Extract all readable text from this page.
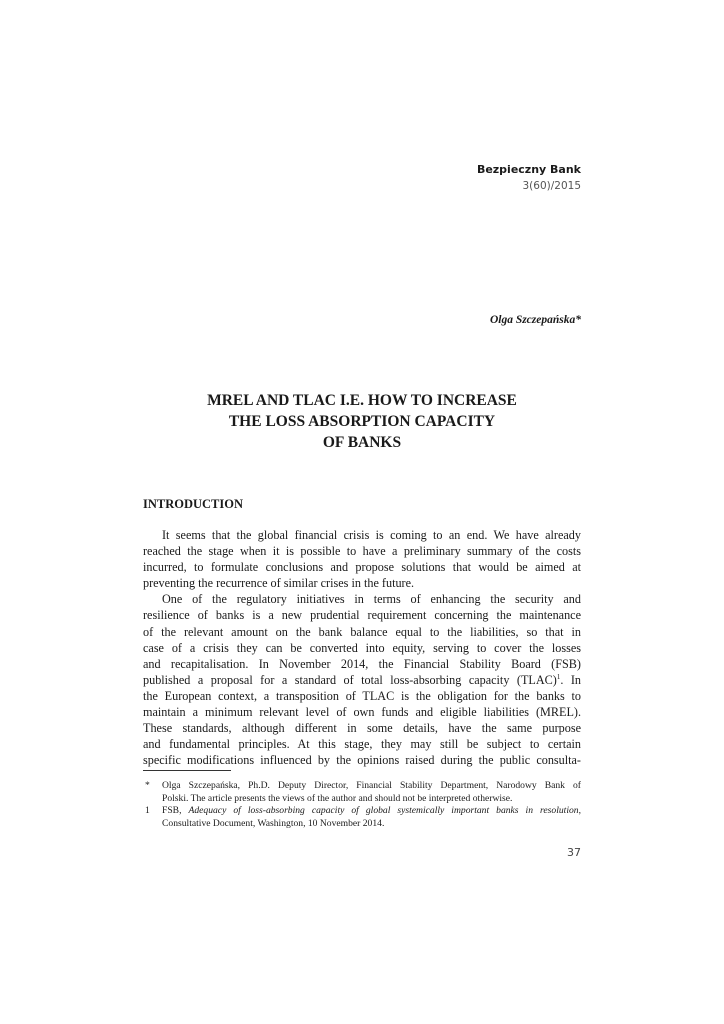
Bezpieczny Bank
3(60)/2015
Olga Szczepańska*
MREL AND TLAC I.E. HOW TO INCREASE
THE LOSS ABSORPTION CAPACITY
OF BANKS
INTRODUCTION
It seems that the global financial crisis is coming to an end. We have already
reached the stage when it is possible to have a preliminary summary of the costs
incurred, to formulate conclusions and propose solutions that would be aimed at
preventing the recurrence of similar crises in the future.
One of the regulatory initiatives in terms of enhancing the security and
resilience of banks is a new prudential requirement concerning the maintenance
of the relevant amount on the bank balance equal to the liabilities, so that in
case of a crisis they can be converted into equity, serving to cover the losses
and recapitalisation. In November 2014, the Financial Stability Board (FSB)
published a proposal for a standard of total loss-absorbing capacity (TLAC)$^1$. In
the European context, a transposition of TLAC is the obligation for the banks to
maintain a minimum relevant level of own funds and eligible liabilities (MREL).
These standards, although different in some details, have the same purpose
and fundamental principles. At this stage, they may still be subject to certain
specific modifications influenced by the opinions raised during the public consulta-
* Olga Szczepańska, Ph.D. Deputy Director, Financial Stability Department, Narodowy Bank of
Polski. The article presents the views of the author and should not be interpreted otherwise.
1 FSB, Adequacy of loss-absorbing capacity of global systemically important banks in resolution,
Consultative Document, Washington, 10 November 2014.
37
